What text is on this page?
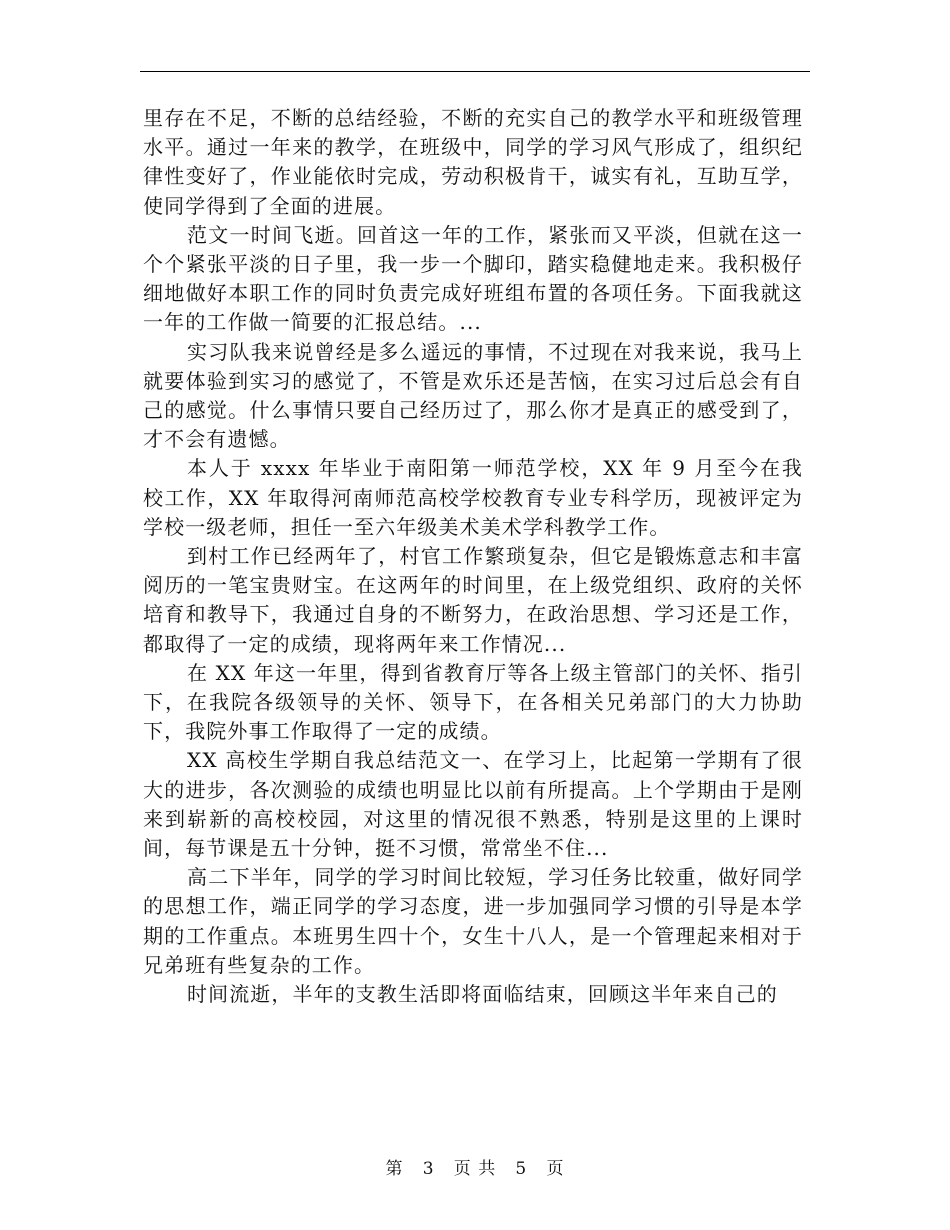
里存在不足，不断的总结经验，不断的充实自己的教学水平和班级管理水平。通过一年来的教学，在班级中，同学的学习风气形成了，组织纪律性变好了，作业能依时完成，劳动积极肯干，诚实有礼，互助互学，使同学得到了全面的进展。

范文一时间飞逝。回首这一年的工作，紧张而又平淡，但就在这一个个紧张平淡的日子里，我一步一个脚印，踏实稳健地走来。我积极仔细地做好本职工作的同时负责完成好班组布置的各项任务。下面我就这一年的工作做一简要的汇报总结。...

实习队我来说曾经是多么遥远的事情，不过现在对我来说，我马上就要体验到实习的感觉了，不管是欢乐还是苦恼，在实习过后总会有自己的感觉。什么事情只要自己经历过了，那么你才是真正的感受到了，才不会有遗憾。

本人于 xxxx 年毕业于南阳第一师范学校，XX 年 9 月至今在我校工作，XX 年取得河南师范高校学校教育专业专科学历，现被评定为学校一级老师，担任一至六年级美术美术学科教学工作。

到村工作已经两年了，村官工作繁琐复杂，但它是锻炼意志和丰富阅历的一笔宝贵财宝。在这两年的时间里，在上级党组织、政府的关怀培育和教导下，我通过自身的不断努力，在政治思想、学习还是工作，都取得了一定的成绩，现将两年来工作情况...

在 XX 年这一年里，得到省教育厅等各上级主管部门的关怀、指引下，在我院各级领导的关怀、领导下，在各相关兄弟部门的大力协助下，我院外事工作取得了一定的成绩。

XX 高校生学期自我总结范文一、在学习上，比起第一学期有了很大的进步，各次测验的成绩也明显比以前有所提高。上个学期由于是刚来到崭新的高校校园，对这里的情况很不熟悉，特别是这里的上课时间，每节课是五十分钟，挺不习惯，常常坐不住...

高二下半年，同学的学习时间比较短，学习任务比较重，做好同学的思想工作，端正同学的学习态度，进一步加强同学习惯的引导是本学期的工作重点。本班男生四十个，女生十八人，是一个管理起来相对于兄弟班有些复杂的工作。

时间流逝，半年的支教生活即将面临结束，回顾这半年来自己的

第 3 页 共 5 页
